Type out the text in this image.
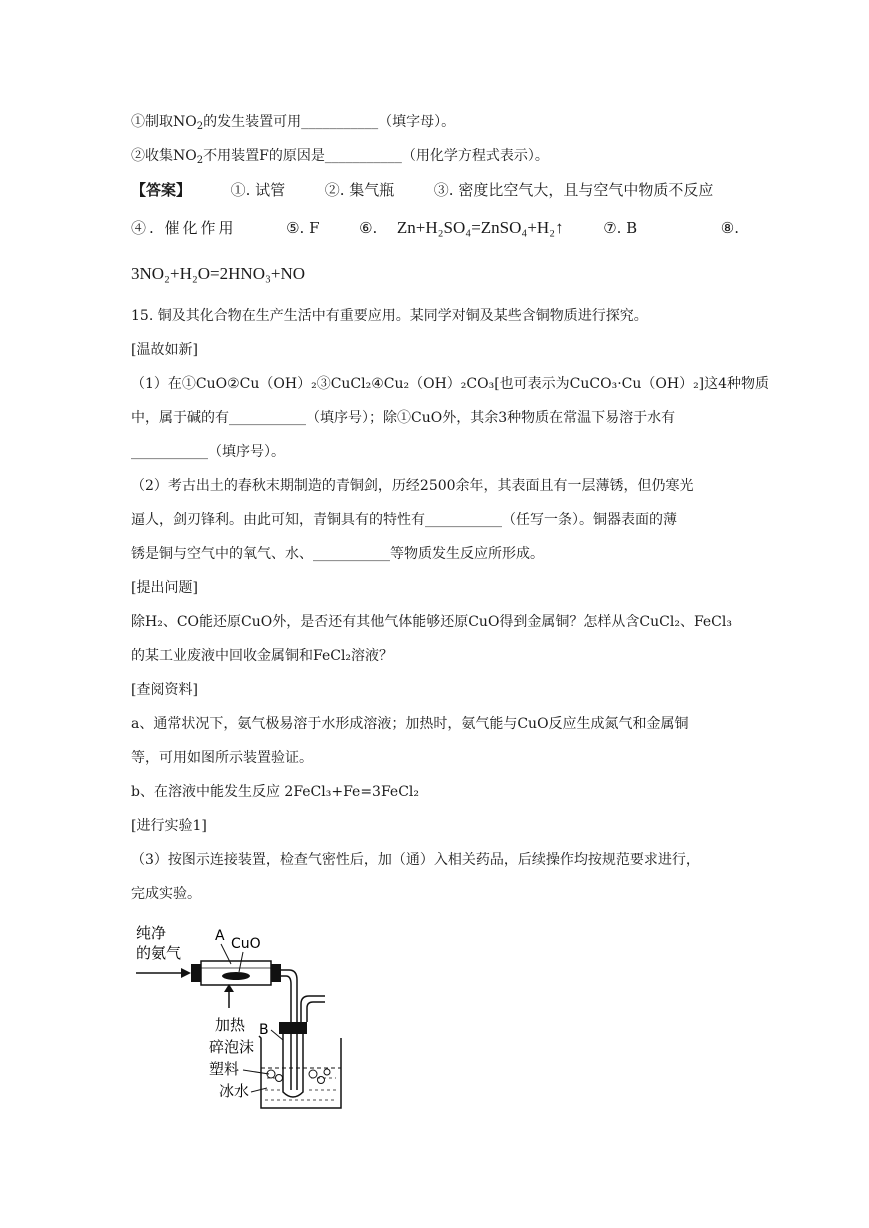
①制取$NO_2$的发生装置可用___________（填字母）。
②收集$NO_2$不用装置F的原因是___________（用化学方程式表示）。
【答案】	①. 试管	②. 集气瓶	③. 密度比空气大，且与空气中物质不反应
④. 催化作用	⑤. F	⑥. Zn+H₂SO₄=ZnSO₄+H₂↑	⑦. B	⑧.
3NO₂+H₂O=2HNO₃+NO
15. 铜及其化合物在生产生活中有重要应用。某同学对铜及某些含铜物质进行探究。
[温故如新]
（1）在①CuO②Cu（OH）₂③CuCl₂④Cu₂（OH）₂CO₃[也可表示为CuCO₃·Cu（OH）₂]这4种物质
中，属于碱的有___________（填序号）；除①CuO外，其余3种物质在常温下易溶于水有
___________（填序号）。
（2）考古出土的春秋末期制造的青铜剑，历经2500余年，其表面且有一层薄锈，但仍寒光
逼人，剑刃锋利。由此可知，青铜具有的特性有___________（任写一条）。铜器表面的薄
锈是铜与空气中的氧气、水、___________等物质发生反应所形成。
[提出问题]
除H₂、CO能还原CuO外，是否还有其他气体能够还原CuO得到金属铜？怎样从含CuCl₂、FeCl₃
的某工业废液中回收金属铜和FeCl₂溶液？
[查阅资料]
a、通常状况下，氨气极易溶于水形成溶液；加热时，氨气能与CuO反应生成氮气和金属铜
等，可用如图所示装置验证。
b、在溶液中能发生反应 2FeCl₃+Fe=3FeCl₂
[进行实验1]
（3）按图示连接装置，检查气密性后，加（通）入相关药品，后续操作均按规范要求进行，
完成实验。
纯净
的氨气
A CuO
加热 B
碎泡沫
塑料
冰水
